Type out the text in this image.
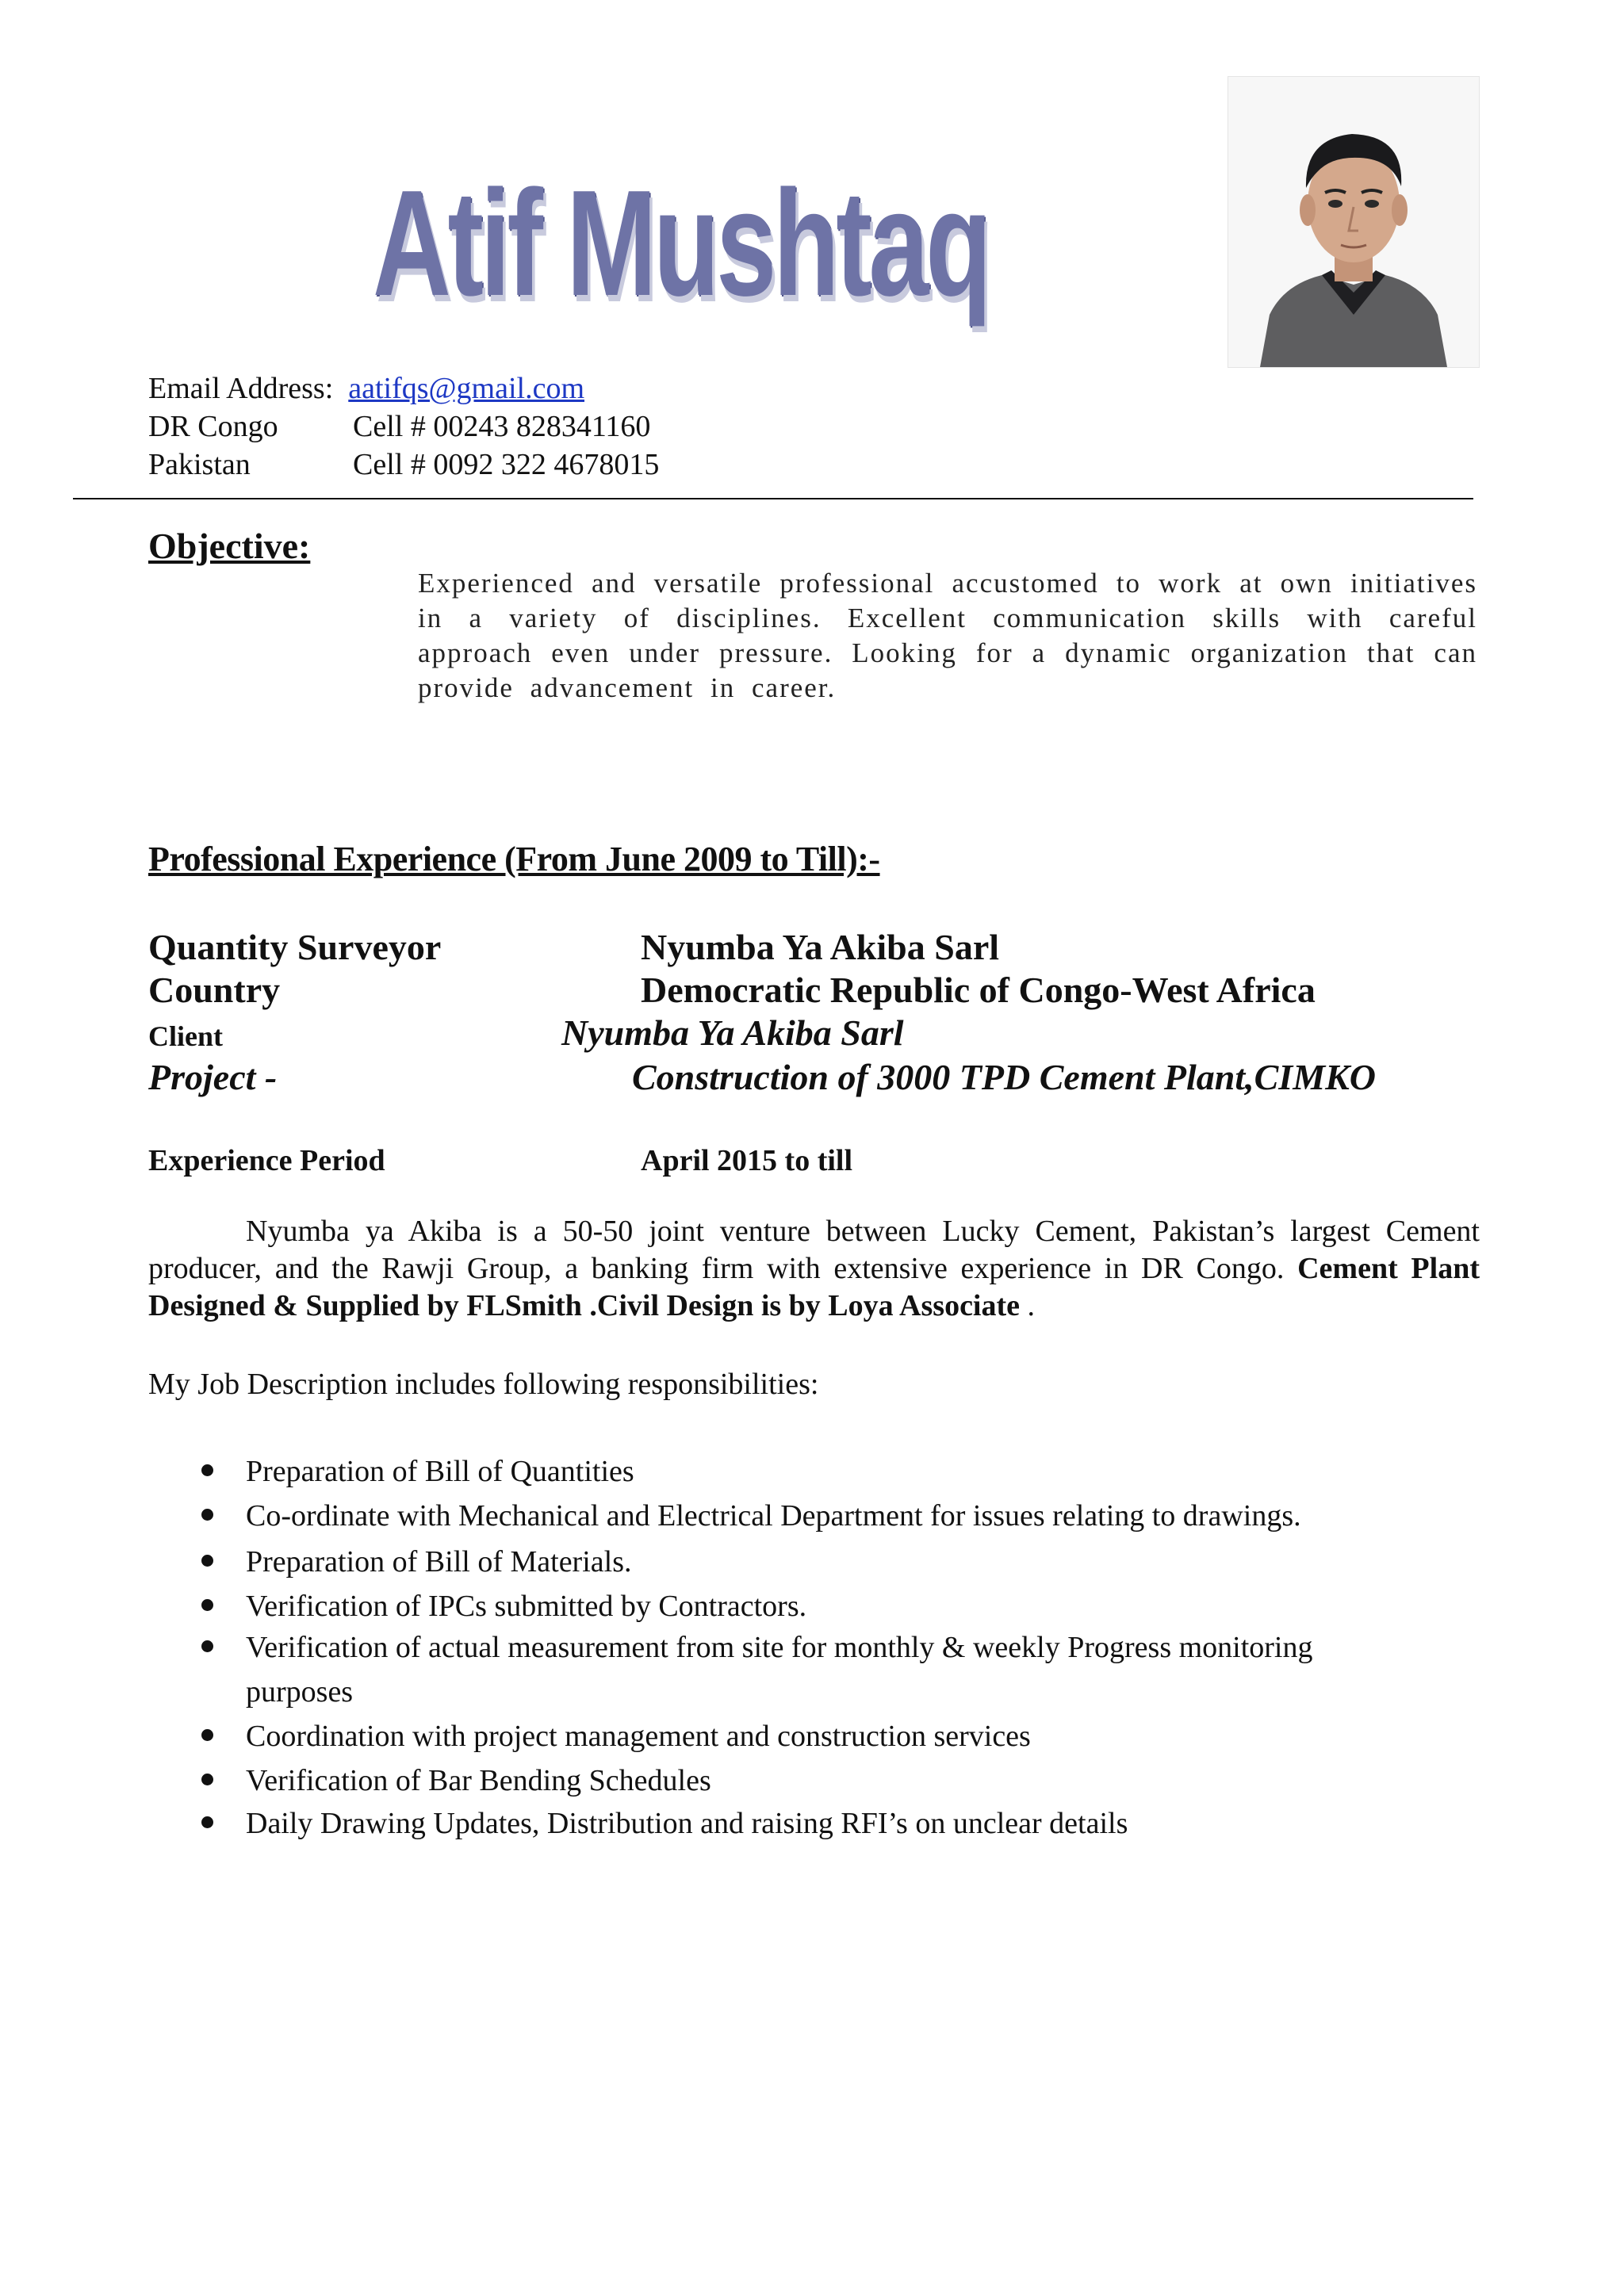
Atif Mushtaq
Email Address: aatifqs@gmail.com
DR Congo Cell # 00243 828341160
Pakistan	Cell # 0092 322 4678015
Objective:
Experienced and versatile professional accustomed to work at own initiatives in a variety of disciplines. Excellent communication skills with careful approach even under pressure. Looking for a dynamic organization that can provide advancement in career.
Professional Experience (From June 2009 to Till):-
Quantity Surveyor	Nyumba Ya Akiba Sarl
Country	Democratic Republic of Congo-West Africa
Client	Nyumba Ya Akiba Sarl
Project -	Construction of 3000 TPD Cement Plant,CIMKO
Experience Period	April 2015 to till
Nyumba ya Akiba is a 50-50 joint venture between Lucky Cement, Pakistan’s largest Cement producer, and the Rawji Group, a banking firm with extensive experience in DR Congo. Cement Plant Designed & Supplied by FLSmith .Civil Design is by Loya Associate .
My Job Description includes following responsibilities:
Preparation of Bill of Quantities
Co-ordinate with Mechanical and Electrical Department for issues relating to drawings.
Preparation of Bill of Materials.
Verification of IPCs submitted by Contractors.
Verification of actual measurement from site for monthly & weekly Progress monitoring purposes
Coordination with project management and construction services
Verification of Bar Bending Schedules
Daily Drawing Updates, Distribution and raising RFI’s on unclear details
